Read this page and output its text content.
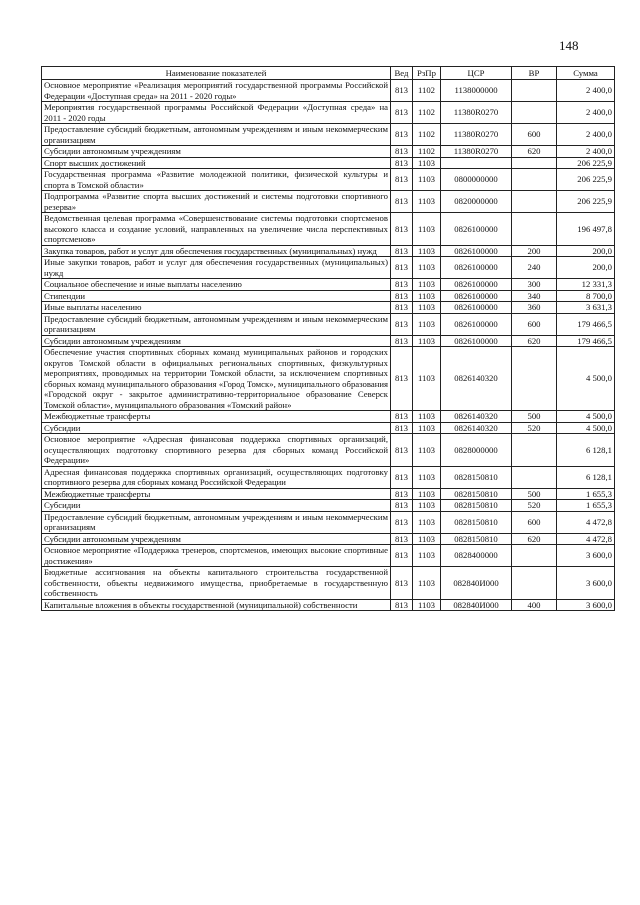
148
Наименование показателей	Вед	РзПр	ЦСР	ВР	Сумма
Основное мероприятие «Реализация мероприятий государственной программы Российской Федерации «Доступная среда» на 2011 - 2020 годы»	813	1102	1138000000		2 400,0
Мероприятия государственной программы Российской Федерации «Доступная среда» на 2011 - 2020 годы	813	1102	11380R0270		2 400,0
Предоставление субсидий бюджетным, автономным учреждениям и иным некоммерческим организациям	813	1102	11380R0270	600	2 400,0
Субсидии автономным учреждениям	813	1102	11380R0270	620	2 400,0
Спорт высших достижений	813	1103			206 225,9
Государственная программа «Развитие молодежной политики, физической культуры и спорта в Томской области»	813	1103	0800000000		206 225,9
Подпрограмма «Развитие спорта высших достижений и системы подготовки спортивного резерва»	813	1103	0820000000		206 225,9
Ведомственная целевая программа «Совершенствование системы подготовки спортсменов высокого класса и создание условий, направленных на увеличение числа перспективных спортсменов»	813	1103	0826100000		196 497,8
Закупка товаров, работ и услуг для обеспечения государственных (муниципальных) нужд	813	1103	0826100000	200	200,0
Иные закупки товаров, работ и услуг для обеспечения государственных (муниципальных) нужд	813	1103	0826100000	240	200,0
Социальное обеспечение и иные выплаты населению	813	1103	0826100000	300	12 331,3
Стипендии	813	1103	0826100000	340	8 700,0
Иные выплаты населению	813	1103	0826100000	360	3 631,3
Предоставление субсидий бюджетным, автономным учреждениям и иным некоммерческим организациям	813	1103	0826100000	600	179 466,5
Субсидии автономным учреждениям	813	1103	0826100000	620	179 466,5
Обеспечение участия спортивных сборных команд муниципальных районов и городских округов Томской области в официальных региональных спортивных, физкультурных мероприятиях, проводимых на территории Томской области, за исключением спортивных сборных команд муниципального образования «Город Томск», муниципального образования «Городской округ - закрытое административно-территориальное образование Северск Томской области», муниципального образования «Томский район»	813	1103	0826140320		4 500,0
Межбюджетные трансферты	813	1103	0826140320	500	4 500,0
Субсидии	813	1103	0826140320	520	4 500,0
Основное мероприятие «Адресная финансовая поддержка спортивных организаций, осуществляющих подготовку спортивного резерва для сборных команд Российской Федерации»	813	1103	0828000000		6 128,1
Адресная финансовая поддержка спортивных организаций, осуществляющих подготовку спортивного резерва для сборных команд Российской Федерации	813	1103	0828150810		6 128,1
Межбюджетные трансферты	813	1103	0828150810	500	1 655,3
Субсидии	813	1103	0828150810	520	1 655,3
Предоставление субсидий бюджетным, автономным учреждениям и иным некоммерческим организациям	813	1103	0828150810	600	4 472,8
Субсидии автономным учреждениям	813	1103	0828150810	620	4 472,8
Основное мероприятие «Поддержка тренеров, спортсменов, имеющих высокие спортивные достижения»	813	1103	0828400000		3 600,0
Бюджетные ассигнования на объекты капитального строительства государственной собственности, объекты недвижимого имущества, приобретаемые в государственную собственность	813	1103	082840И000		3 600,0
Капитальные вложения в объекты государственной (муниципальной) собственности	813	1103	082840И000	400	3 600,0
